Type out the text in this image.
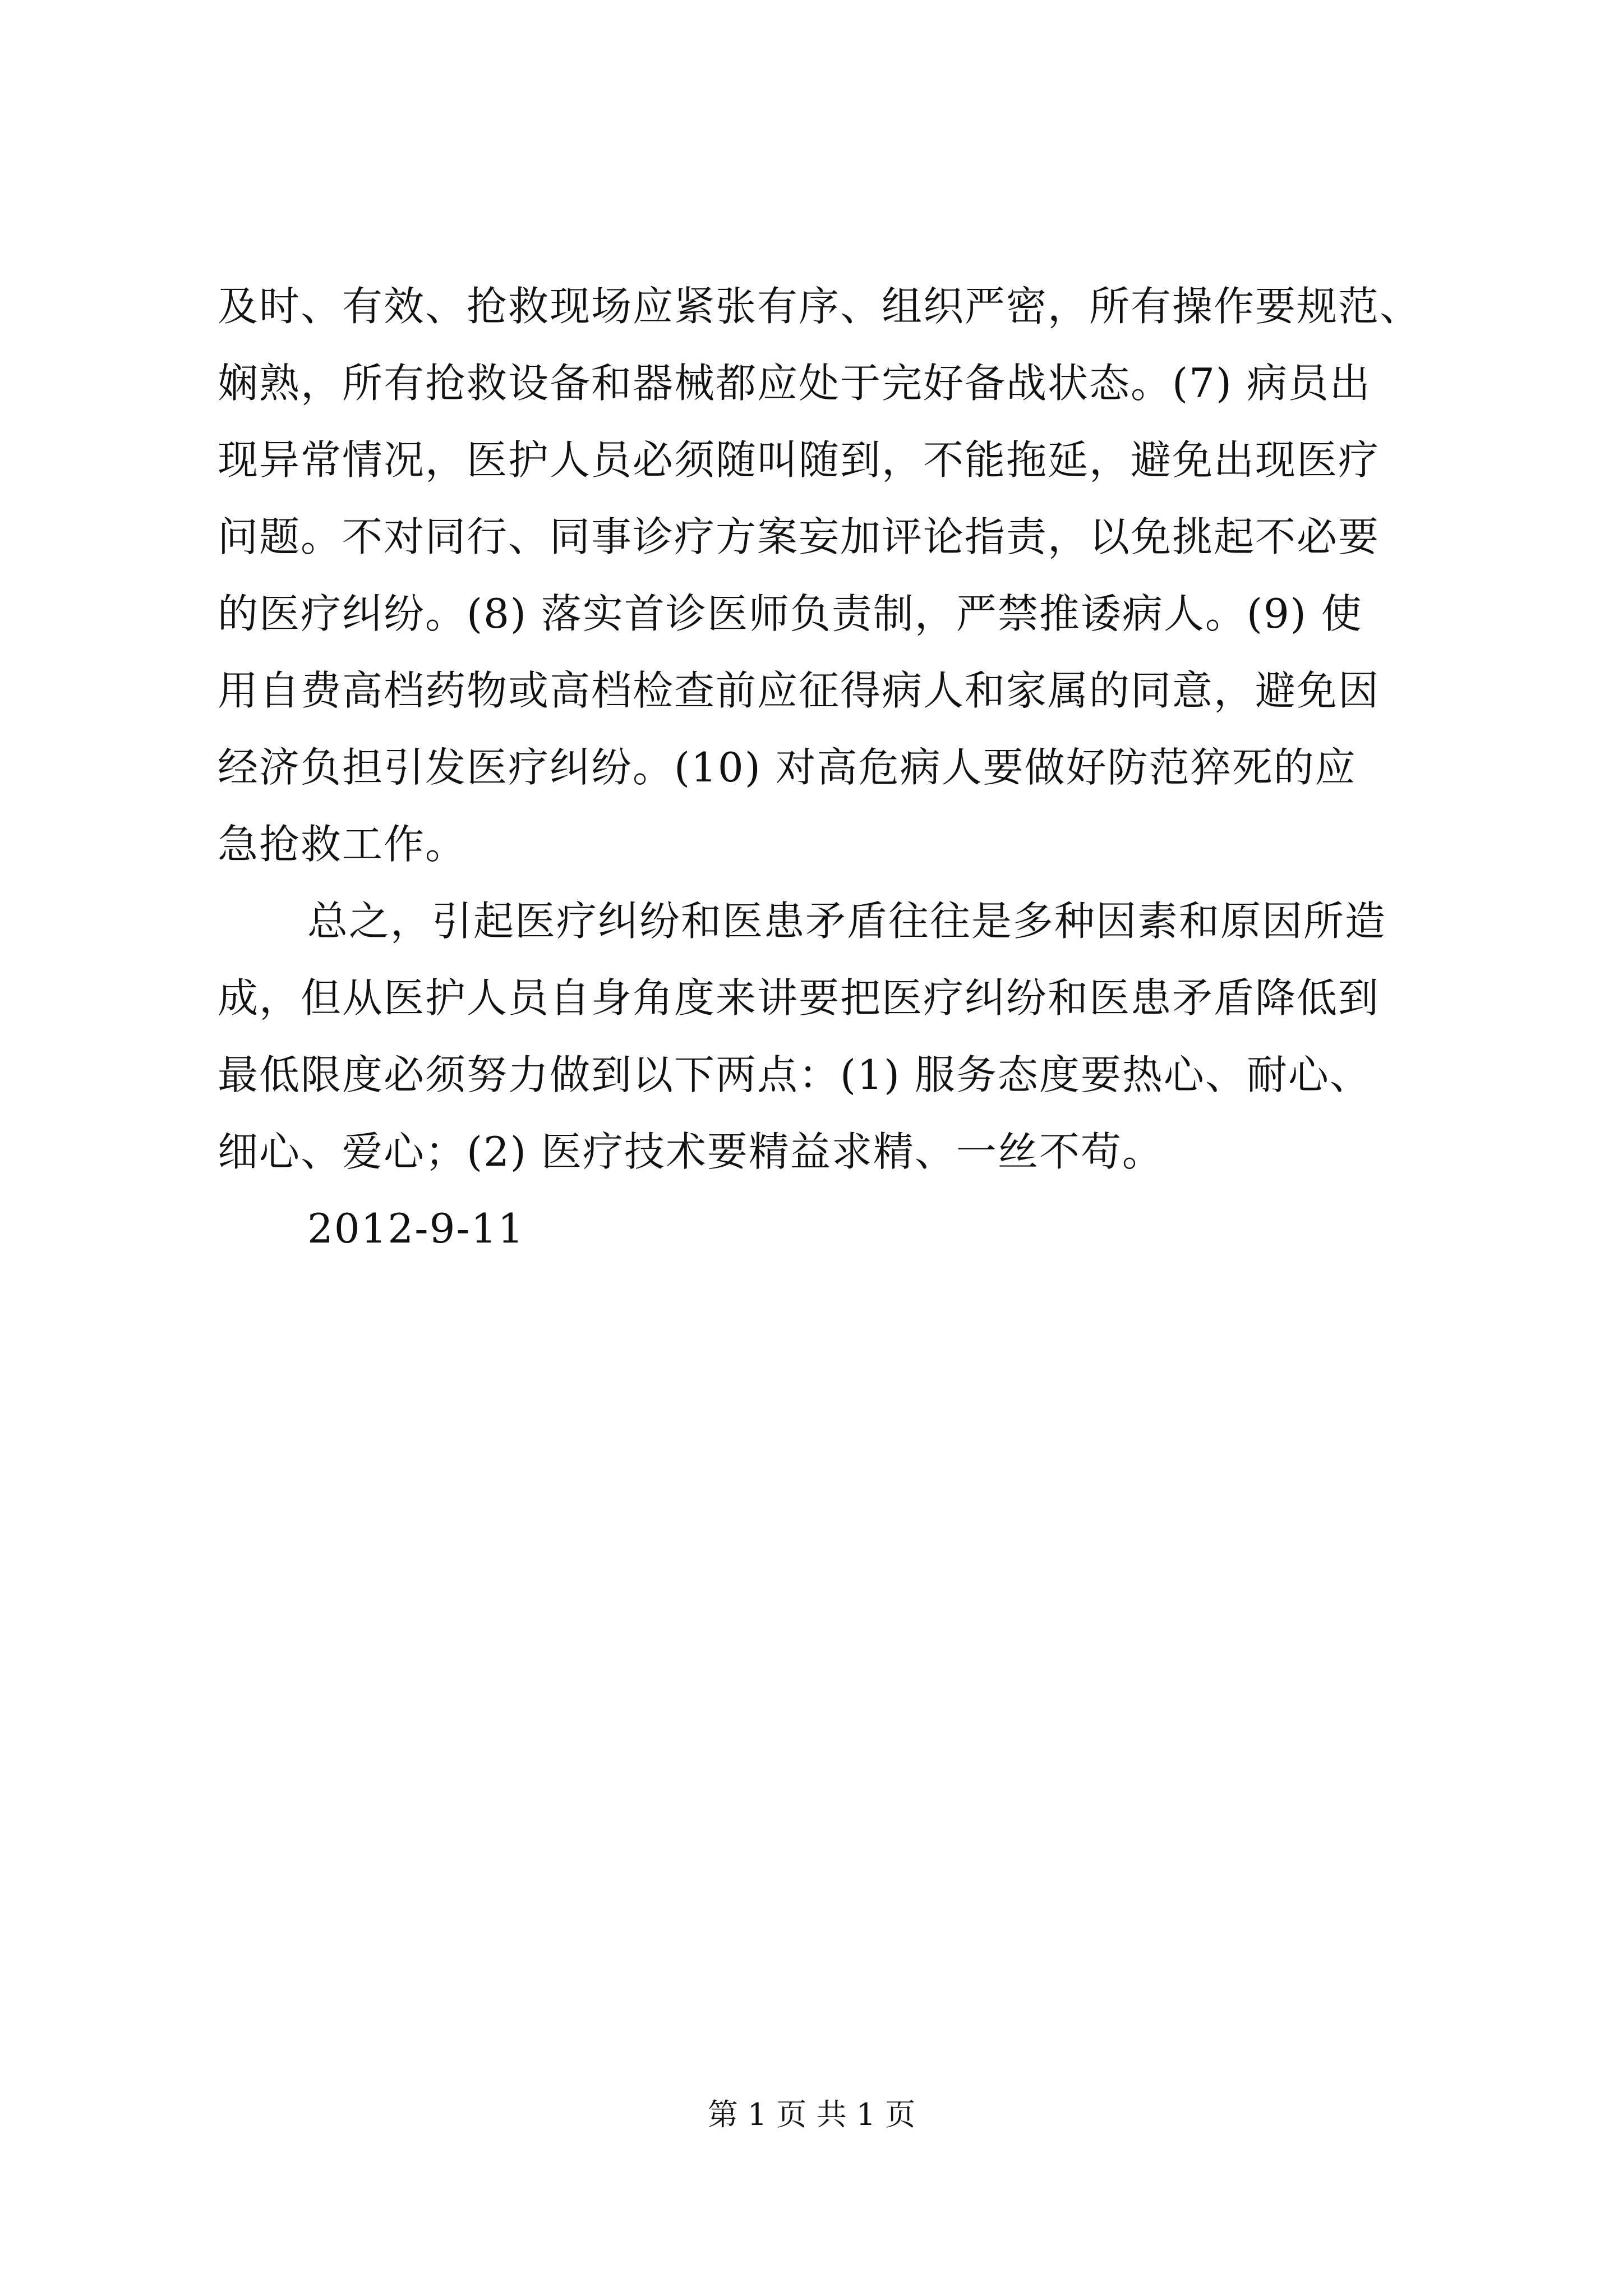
及时、有效、抢救现场应紧张有序、组织严密，所有操作要规范、
娴熟，所有抢救设备和器械都应处于完好备战状态。(7) 病员出
现异常情况，医护人员必须随叫随到，不能拖延，避免出现医疗
问题。不对同行、同事诊疗方案妄加评论指责，以免挑起不必要
的医疗纠纷。(8) 落实首诊医师负责制，严禁推诿病人。(9) 使
用自费高档药物或高档检查前应征得病人和家属的同意，避免因
经济负担引发医疗纠纷。(10) 对高危病人要做好防范猝死的应
急抢救工作。
总之，引起医疗纠纷和医患矛盾往往是多种因素和原因所造
成，但从医护人员自身角度来讲要把医疗纠纷和医患矛盾降低到
最低限度必须努力做到以下两点：(1) 服务态度要热心、耐心、
细心、爱心；(2) 医疗技术要精益求精、一丝不苟。
2012-9-11
第 1 页 共 1 页
